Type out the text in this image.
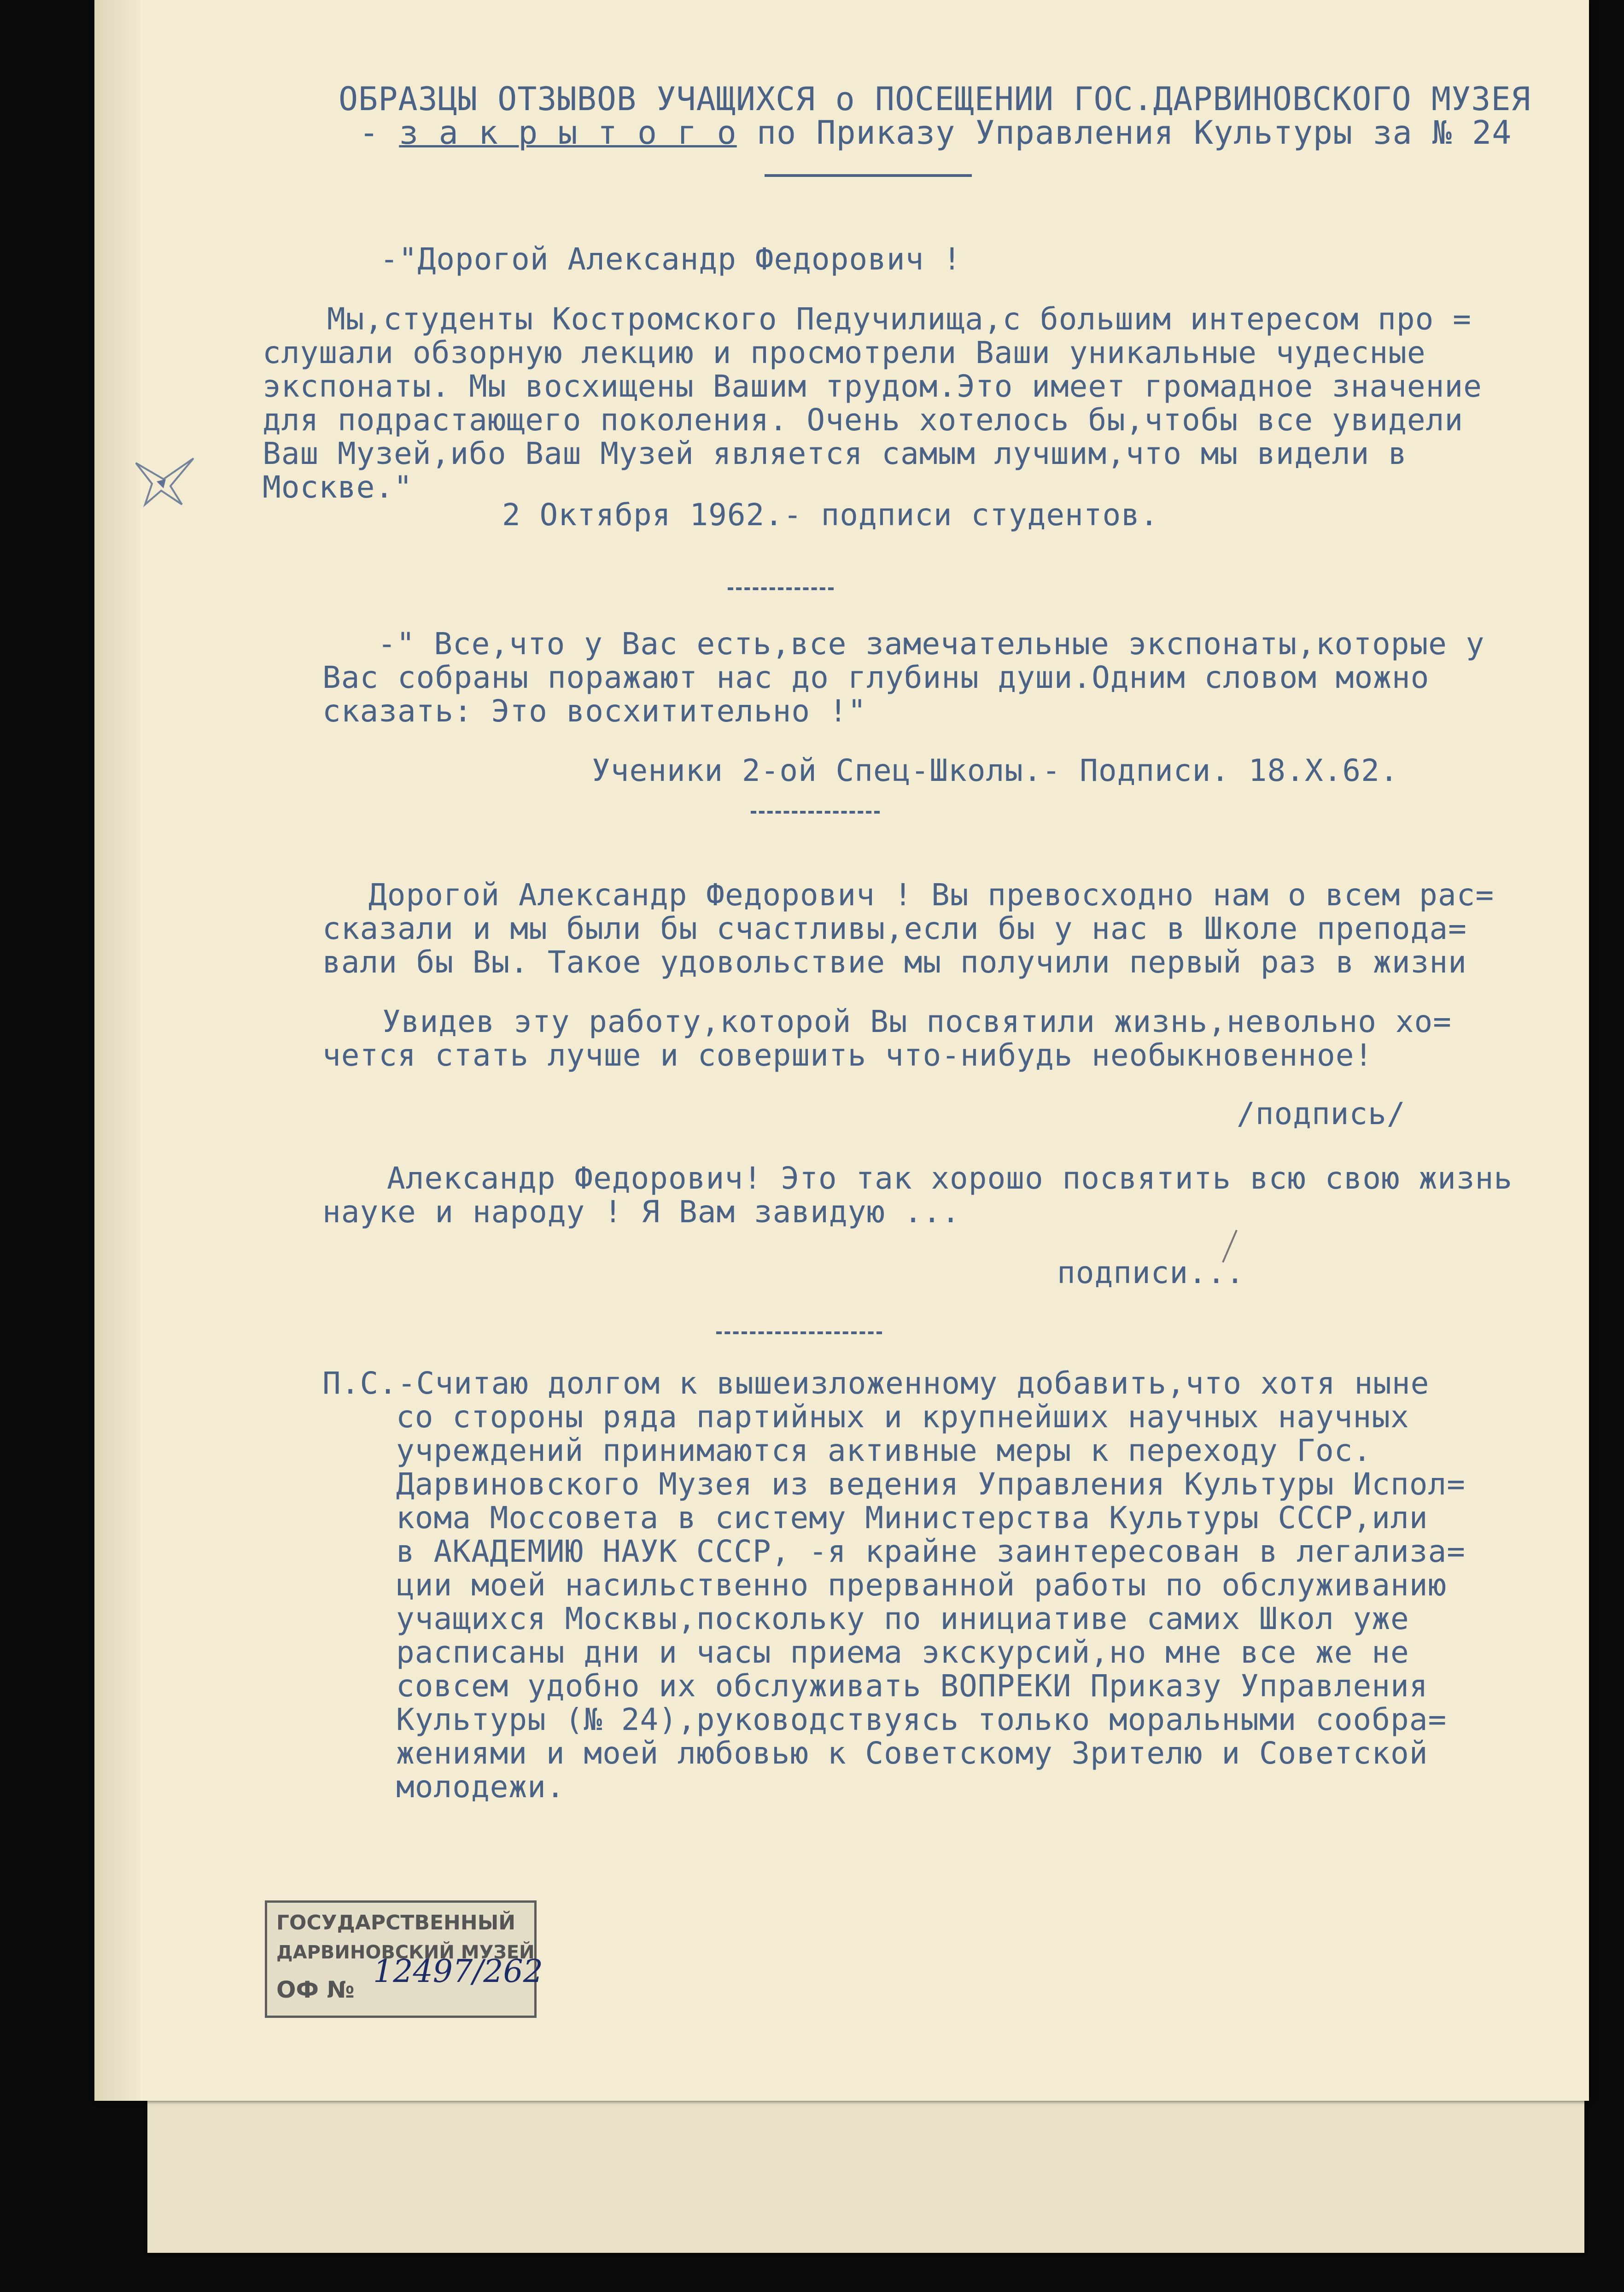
ОБРАЗЦЫ ОТЗЫВОВ УЧАЩИХСЯ о ПОСЕЩЕНИИ ГОС.ДАРВИНОВСКОГО МУЗЕЯ
- з а к р ы т о г о по Приказу Управления Культуры за № 24
-"Дорогой Александр Федорович !
Мы,студенты Костромского Педучилища,с большим интересом про =
слушали обзорную лекцию и просмотрели Ваши уникальные чудесные
экспонаты. Мы восхищены Вашим трудом.Это имеет громадное значение
для подрастающего поколения. Очень хотелось бы,чтобы все увидели
Ваш Музей,ибо Ваш Музей является самым лучшим,что мы видели в
Москве."
2 Октября 1962.- подписи студентов.
-" Все,что у Вас есть,все замечательные экспонаты,которые у
Вас собраны поражают нас до глубины души.Одним словом можно
сказать: Это восхитительно !"
Ученики 2-ой Спец-Школы.- Подписи. 18.X.62.
Дорогой Александр Федорович ! Вы превосходно нам о всем рас=
сказали и мы были бы счастливы,если бы у нас в Школе препода=
вали бы Вы. Такое удовольствие мы получили первый раз в жизни
Увидев эту работу,которой Вы посвятили жизнь,невольно хо=
чется стать лучше и совершить что-нибудь необыкновенное!
/подпись/
Александр Федорович! Это так хорошо посвятить всю свою жизнь
науке и народу ! Я Вам завидую ...
подписи...
П.С.-Считаю долгом к вышеизложенному добавить,что хотя ныне
со стороны ряда партийных и крупнейших научных научных
учреждений принимаются активные меры к переходу Гос.
Дарвиновского Музея из ведения Управления Культуры Испол=
кома Моссовета в систему Министерства Культуры СССР,или
в АКАДЕМИЮ НАУК СССР, -я крайне заинтересован в легализа=
ции моей насильственно прерванной работы по обслуживанию
учащихся Москвы,поскольку по инициативе самих Школ уже
расписаны дни и часы приема экскурсий,но мне все же не
совсем удобно их обслуживать ВОПРЕКИ Приказу Управления
Культуры (№ 24),руководствуясь только моральными сообра=
жениями и моей любовью к Советскому Зрителю и Советской
молодежи.
ГОСУДАРСТВЕННЫЙ
ДАРВИНОВСКИЙ МУЗЕЙ
ОФ № 12497/262
